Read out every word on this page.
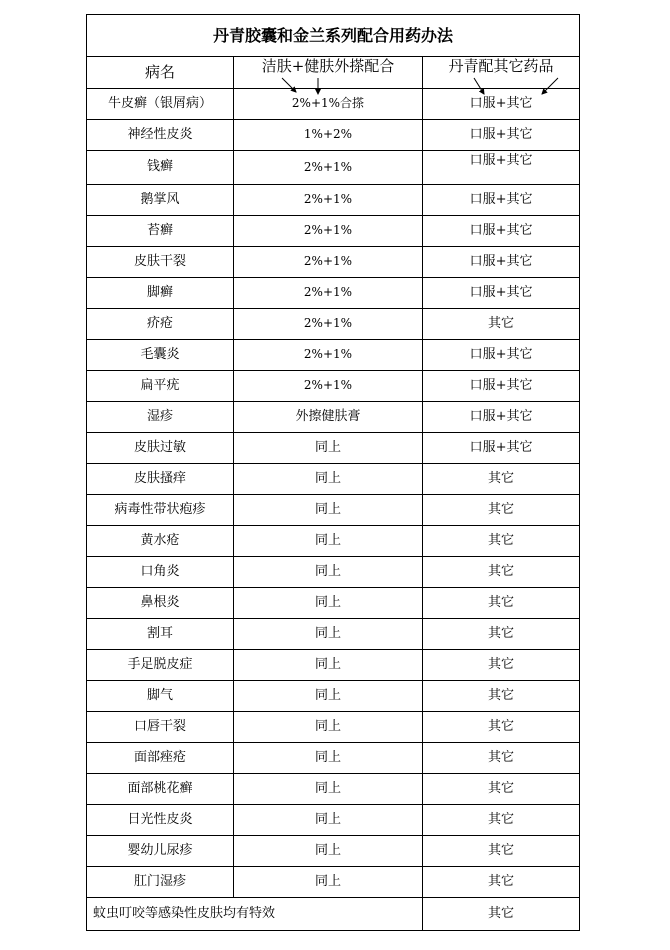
丹青胶囊和金兰系列配合用药办法		
病名	洁肤+健肤外搽配合	丹青配其它药品
牛皮癣（银屑病）	2%+1%合搽	口服+其它
神经性皮炎	1%+2%	口服+其它
钱癣	2%+1%	口服+其它
鹅掌风	2%+1%	口服+其它
苔癣	2%+1%	口服+其它
皮肤干裂	2%+1%	口服+其它
脚癣	2%+1%	口服+其它
疥疮	2%+1%	其它
毛囊炎	2%+1%	口服+其它
扁平疣	2%+1%	口服+其它
湿疹	外擦健肤膏	口服+其它
皮肤过敏	同上	口服+其它
皮肤搔痒	同上	其它
病毒性带状疱疹	同上	其它
黄水疮	同上	其它
口角炎	同上	其它
鼻根炎	同上	其它
割耳	同上	其它
手足脱皮症	同上	其它
脚气	同上	其它
口唇干裂	同上	其它
面部痤疮	同上	其它
面部桃花癣	同上	其它
日光性皮炎	同上	其它
婴幼儿尿疹	同上	其它
肛门湿疹	同上	其它
蚊虫叮咬等感染性皮肤均有特效		其它
